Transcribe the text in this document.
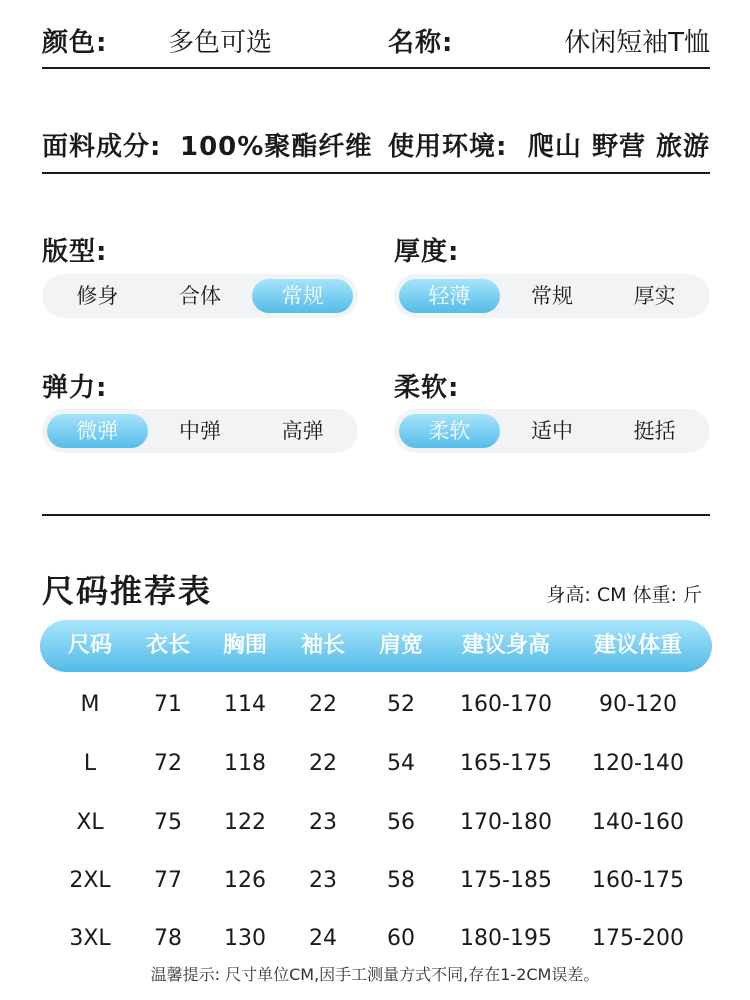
颜色: 多色可选	名称:	休闲短袖T恤
面料成分: 100%聚酯纤维 使用环境: 爬山 野营 旅游
版型:
修身	合体	常规
厚度:
轻薄	常规	厚实
弹力:
微弹	中弹	高弹
柔软:
柔软	适中	挺括
尺码推荐表	身高: CM 体重: 斤
尺码 衣长 胸围 袖长 肩宽 建议身高 建议体重
M 71 114 22 52 160-170 90-120
L	72 118 22 54 165-175 120-140
XL 75 122 23 56 170-180 140-160
2XL 77 126 23 58 175-185 160-175
3XL 78 130 24 60 180-195 175-200
温馨提示: 尺寸单位CM,因手工测量方式不同,存在1-2CM误差。
